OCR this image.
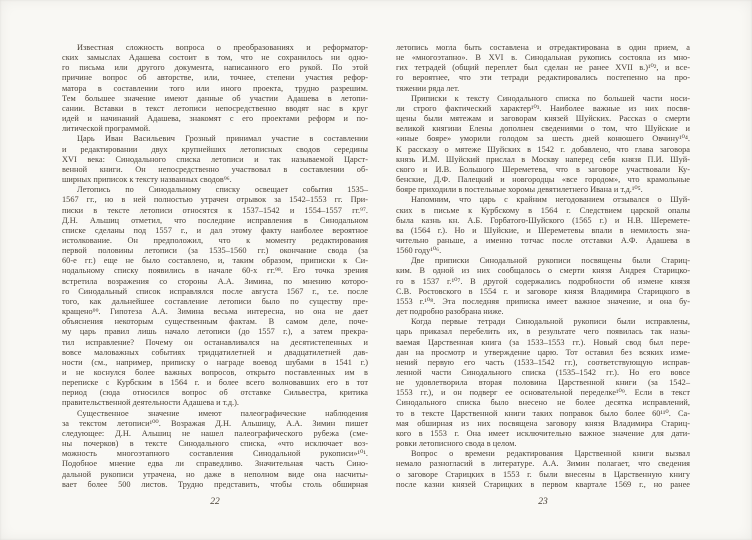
Известная сложность вопроса о преобразованиях и реформатор-
ских замыслах Адашева состоит в том, что не сохранилось ни одно-
го письма или другого документа, написанного его рукой. По этой
причине вопрос об авторстве, или, точнее, степени участия рефор-
матора в составлении того или иного проекта, трудно разрешим.
Тем большее значение имеют данные об участии Адашева в летопи-
сании. Вставки в текст летописи непосредственно вводят нас в круг
идей и начинаний Адашева, знакомят с его проектами реформ и по-
литической программой.
Царь Иван Васильевич Грозный принимал участие в составлении
и редактировании двух крупнейших летописных сводов середины
XVI века: Синодального списка летописи и так называемой Царст-
венной книги. Он непосредственно участвовал в составлении об-
ширных приписок к тексту названных сводов⁹⁶.
Летопись по Синодальному списку освещает события 1535–
1567 гг., но в ней полностью утрачен отрывок за 1542–1553 гг. При-
писки в тексте летописи относятся к 1537–1542 и 1554–1557 гг.⁹⁷.
Д.Н. Альшиц отметил, что последние исправления в Синодальном
списке сделаны под 1557 г., и дал этому факту наиболее вероятное
истолкование. Он предположил, что к моменту редактирования
первой половины летописи (за 1535–1560 гг.) окончание свода (за
60-е гг.) еще не было составлено, и, таким образом, приписки к Си-
нодальному списку появились в начале 60-х гг.⁹⁸. Его точка зрения
встретила возражения со стороны А.А. Зимина, по мнению которо-
го Синодальный список исправлялся после августа 1567 г., т.е. после
того, как дальнейшее составление летописи было по существу пре-
кращено⁹⁹. Гипотеза А.А. Зимина весьма интересна, но она не дает
объяснения некоторым существенным фактам. В самом деле, поче-
му царь правил лишь начало летописи (до 1557 г.), а затем прекра-
тил исправление? Почему он останавливался на десятистепенных и
вовсе маловажных событиях тридцатилетней и двадцатилетней дав-
ности (см., например, приписку о награде воевод шубами в 1541 г.)
и не коснулся более важных вопросов, открыто поставленных им в
переписке с Курбским в 1564 г. и более всего волновавших его в тот
период (сюда относился вопрос об отставке Сильвестра, критика
правительственной деятельности Адашева и т.д.).
Существенное значение имеют палеографические наблюдения
за текстом летописи¹⁰⁰. Возражая Д.Н. Альшицу, А.А. Зимин пишет
следующее: Д.Н. Альшиц не нашел палеографического рубежа (сме-
ны почерков) в тексте Синодального списка, «что исключает воз-
можность многоэтапного составления Синодальной рукописи»¹⁰¹.
Подобное мнение едва ли справедливо. Значительная часть Сино-
дальной рукописи утрачена, но даже в неполном виде она насчиты-
вает более 500 листов. Трудно представить, чтобы столь обширная
летопись могла быть составлена и отредактирована в один прием, а
не «многоэтапно». В XVI в. Синодальная рукопись состояла из мно-
гих тетрадей (общий переплет был сделан не ранее XVII в.)¹⁰², и все-
го вероятнее, что эти тетради редактировались постепенно на про-
тяжении ряда лет.
Приписки к тексту Синодального списка по большей части носи-
ли строго фактический характер¹⁰³. Наиболее важные из них посвя-
щены были мятежам и заговорам князей Шуйских. Рассказ о смерти
великой княгини Елены дополнен сведениями о том, что Шуйские и
«иные бояре» уморили голодом за шесть дней конюшего Овчину¹⁰⁴.
К рассказу о мятеже Шуйских в 1542 г. добавлено, что глава заговора
князь И.М. Шуйский прислал в Москву наперед себя князя П.И. Шуй-
ского и И.В. Большого Шереметева, что в заговоре участвовали Ку-
бенские, Д.Ф. Палецкий и новгородцы «все городом», что крамольные
бояре приходили в постельные хоромы девятилетнего Ивана и т.д.¹⁰⁵.
Напомним, что царь с крайним негодованием отзывался о Шуй-
ских в письме к Курбскому в 1564 г. Следствием царской опалы
была казнь кн. А.Б. Горбатого-Шуйского (1565 г.) и Н.В. Шеремете-
ва (1564 г.). Но и Шуйские, и Шереметевы впали в немилость зна-
чительно раньше, а именно тотчас после отставки А.Ф. Адашева в
1560 году¹⁰⁶.
Две приписки Синодальной рукописи посвящены были Стариц-
ким. В одной из них сообщалось о смерти князя Андрея Старицко-
го в 1537 г.¹⁰⁷. В другой содержались подробности об измене князя
С.В. Ростовского в 1554 г. и заговоре князя Владимира Старицкого в
1553 г.¹⁰⁸. Эта последняя приписка имеет важное значение, и она бу-
дет подробно разобрана ниже.
Когда первые тетради Синодальной рукописи были исправлены,
царь приказал перебелить их, в результате чего появилась так назы-
ваемая Царственная книга (за 1533–1553 гг.). Новый свод был пере-
дан на просмотр и утверждение царю. Тот оставил без всяких изме-
нений первую его часть (1533–1542 гг.), соответствующую исправ-
ленной части Синодального списка (1535–1542 гг.). Но его вовсе
не удовлетворила вторая половина Царственной книги (за 1542–
1553 гг.), и он подверг ее основательной переделке¹⁰⁹. Если в текст
Синодального списка было внесено не более десятка исправлений,
то в тексте Царственной книги таких поправок было более 60¹¹⁰. Са-
мая обширная из них посвящена заговору князя Владимира Стариц-
кого в 1553 г. Она имеет исключительно важное значение для дати-
ровки летописного свода в целом.
Вопрос о времени редактирования Царственной книги вызвал
немало разногласий в литературе. А.А. Зимин полагает, что сведения
о заговоре Старицких в 1553 г. были внесены в Царственную книгу
после казни князей Старицких в первом квартале 1569 г., но ранее
22	23
